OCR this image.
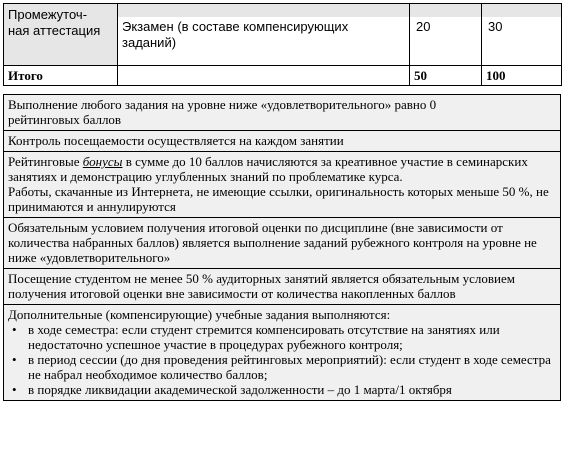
Промежуточ-
ная аттестация	Экзамен (в составе компенсирующих заданий)	20	30

Итого		50	100
Выполнение любого задания на уровне ниже «удовлетворительного» равно 0 рейтинговых баллов
Контроль посещаемости осуществляется на каждом занятии

Рейтинговые бонусы в сумме до 10 баллов начисляются за креативное участие в семинарских занятиях и демонстрацию углубленных знаний по проблематике курса.

Работы, скачанные из Интернета, не имеющие ссылки, оригинальность которых меньше 50 %, не принимаются и аннулируются

Обязательным условием получения итоговой оценки по дисциплине (вне зависимости от количества набранных баллов) является выполнение заданий рубежного контроля на уровне не ниже «удовлетворительного»
Посещение студентом не менее 50 % аудиторных занятий является обязательным условием получения итоговой оценки вне зависимости от количества накопленных баллов

Дополнительные (компенсирующие) учебные задания выполняются:
• в ходе семестра: если студент стремится компенсировать отсутствие на занятиях или недостаточно успешное участие в процедурах рубежного контроля;
• в период сессии (до дня проведения рейтинговых мероприятий): если студент в ходе семестра не набрал необходимое количество баллов;
• в порядке ликвидации академической задолженности – до 1 марта/1 октября
